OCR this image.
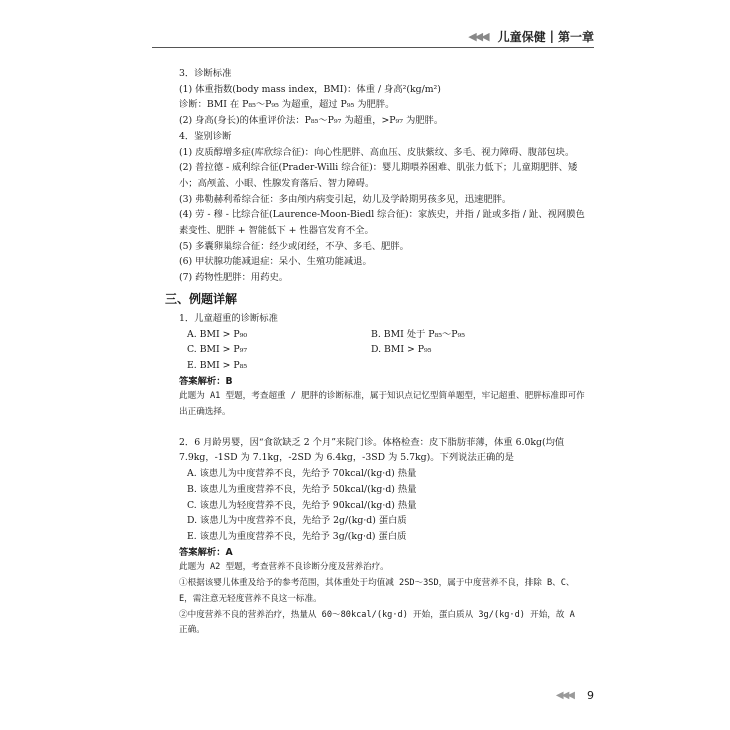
◀◀◀ 儿童保健 | 第一章

3．诊断标准

(1) 体重指数(body mass index，BMI)：体重 / 身高²(kg/m²)

诊断：BMI 在 P₈₅～P₉₅ 为超重，超过 P₉₅ 为肥胖。

(2) 身高(身长)的体重评价法：P₈₅～P₉₇ 为超重，>P₉₇ 为肥胖。

4．鉴别诊断

(1) 皮质醇增多症(库欣综合征)：向心性肥胖、高血压、皮肤紫纹、多毛、视力障碍、腹部包块。

(2) 普拉德 - 威利综合征(Prader-Willi 综合征)：婴儿期喂养困难、肌张力低下；儿童期肥胖、矮小；高颅盖、小眼、性腺发育落后、智力障碍。

(3) 弗勒赫利希综合征：多由颅内病变引起，幼儿及学龄期男孩多见，迅速肥胖。

(4) 劳 - 穆 - 比综合征(Laurence-Moon-Biedl 综合征)：家族史，并指 / 趾或多指 / 趾、视网膜色素变性、肥胖 + 智能低下 + 性器官发育不全。

(5) 多囊卵巢综合征：经少或闭经，不孕、多毛、肥胖。

(6) 甲状腺功能减退症：呆小、生殖功能减退。

(7) 药物性肥胖：用药史。

三、例题详解

1．儿童超重的诊断标准

A. BMI > P₉₀	B. BMI 处于 P₈₅～P₉₅
C. BMI > P₉₇	D. BMI > P₉₅
E. BMI > P₈₅

答案解析：B

此题为 A1 型题，考查超重 / 肥胖的诊断标准，属于知识点记忆型简单题型，牢记超重、肥胖标准即可作出正确选择。

2．6 月龄男婴，因“食欲缺乏 2 个月”来院门诊。体格检查：皮下脂肪菲薄，体重 6.0kg(均值 7.9kg，-1SD 为 7.1kg，-2SD 为 6.4kg，-3SD 为 5.7kg)。下列说法正确的是

A. 该患儿为中度营养不良，先给予 70kcal/(kg·d) 热量

B. 该患儿为重度营养不良，先给予 50kcal/(kg·d) 热量

C. 该患儿为轻度营养不良，先给予 90kcal/(kg·d) 热量

D. 该患儿为中度营养不良，先给予 2g/(kg·d) 蛋白质

E. 该患儿为重度营养不良，先给予 3g/(kg·d) 蛋白质

答案解析：A

此题为 A2 型题，考查营养不良诊断分度及营养治疗。

①根据该婴儿体重及给予的参考范围，其体重处于均值减 2SD～3SD，属于中度营养不良，排除 B、C、E，需注意无轻度营养不良这一标准。

②中度营养不良的营养治疗，热量从 60～80kcal/(kg·d) 开始，蛋白质从 3g/(kg·d) 开始，故 A 正确。

◀◀◀ 9
